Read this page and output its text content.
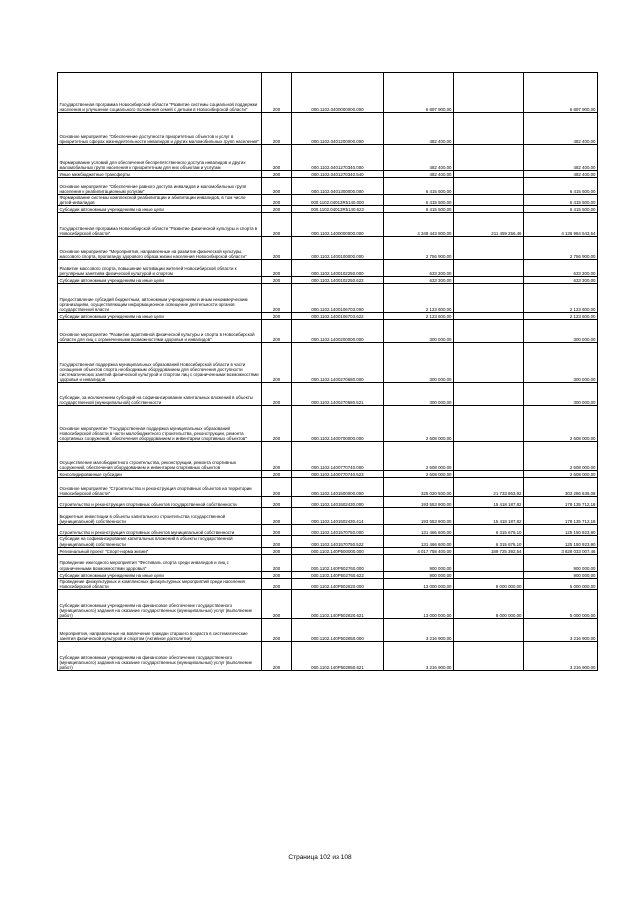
Государственная программа Новосибирской области "Развитие системы социальной поддержки населения и улучшение социального положения семей с детьми в Новосибирской области"	200	000.1102.0400000000.000	6 897 900,00		6 897 900,00
Основное мероприятие "Обеспечение доступности приоритетных объектов и услуг в приоритетных сферах жизнедеятельности инвалидов и других маломобильных групп населения"	200	000.1102.0401200000.000	482 400,00		482 400,00
Формирование условий для обеспечения беспрепятственного доступа инвалидов и других маломобильных групп населения к приоритетным для них объектам и услугам	200	000.1102.0401270340.000	482 400,00		482 400,00
Иные межбюджетные трансферты	200	000.1102.0401270340.540	482 400,00		482 400,00
Основное мероприятие "Обеспечение равного доступа инвалидов и маломобильных групп населения к реабилитационным услугам"	200	000.1102.0401300000.000	6 415 500,00		6 415 500,00
Формирование системы комплексной реабилитации и абилитации инвалидов, в том числе детей-инвалидов	200	000.1102.04013R5140.000	6 415 500,00		6 415 500,00
Субсидии автономным учреждениям на иные цели	200	000.1102.04013R5140.622	6 415 500,00		6 415 500,00
Государственная программа Новосибирской области "Развитие физической культуры и спорта в Новосибирской области"	200	000.1102.1400000000.000	4 348 443 800,00	211 459 256,46	4 136 984 543,54
Основное мероприятие "Мероприятия, направленные на развитие физической культуры, массового спорта, пропаганду здорового образа жизни населения Новосибирской области"	200	000.1102.1400100000.000	2 756 900,00		2 756 900,00
Развитие массового спорта, повышение мотивации жителей Новосибирской области к регулярным занятиям физической культурой и спортом	200	000.1102.1400102250.000	633 300,00		633 300,00
Субсидии автономным учреждениям на иные цели	200	000.1102.1400102250.622	633 300,00		633 300,00
Предоставление субсидий бюджетным, автономным учреждениям и иным некоммерческим организациям, осуществляющим информационное освещение деятельности органов государственной власти	200	000.1102.1400106703.000	2 123 600,00		2 123 600,00
Субсидии автономным учреждениям на иные цели	200	000.1102.1400106703.622	2 123 600,00		2 123 600,00
Основное мероприятие "Развитие адаптивной физической культуры и спорта в Новосибирской области для лиц с ограниченными возможностями здоровья и инвалидов"	200	000.1102.1400200000.000	300 000,00		300 000,00
Государственная поддержка муниципальных образований Новосибирской области в части оснащения объектов спорта необходимым оборудованием для обеспечения доступности систематических занятий физической культурой и спортом лиц с ограниченными возможностями здоровья и инвалидов	200	000.1102.1400270680.000	300 000,00		300 000,00
Субсидии, за исключением субсидий на софинансирование капитальных вложений в объекты государственной (муниципальной) собственности	200	000.1102.1400270680.521	300 000,00		300 000,00
Основное мероприятие "Государственная поддержка муниципальных образований Новосибирской области в части малобюджетного строительства, реконструкции, ремонта спортивных сооружений, обеспечения оборудованием и инвентарем спортивных объектов"	200	000.1102.1400700000.000	2 608 000,00		2 608 000,00
Осуществление малобюджетного строительства, реконструкции, ремонта спортивных сооружений, обеспечения оборудованием и инвентарем спортивных объектов	200	000.1102.1400770740.000	2 608 000,00		2 608 000,00
Консолидированные субсидии	200	000.1102.1400770740.523	2 608 000,00		2 608 000,00
Основное мероприятие "Строительство и реконструкция спортивных объектов на территории Новосибирской области"	200	000.1102.1401500000.000	325 020 500,00	21 733 863,92	303 286 636,08
Строительство и реконструкция спортивных объектов государственной собственности	200	000.1102.1401502430.000	193 553 900,00	15 418 187,82	178 135 712,18
Бюджетные инвестиции в объекты капитального строительства государственной (муниципальной) собственности	200	000.1102.1401502430.414	193 553 900,00	15 418 187,82	178 135 712,18
Строительство и реконструкция спортивных объектов муниципальной собственности	200	000.1102.1401570750.000	131 466 600,00	6 315 676,10	125 150 923,90
Субсидии на софинансирование капитальных вложений в объекты государственной (муниципальной) собственности	200	000.1102.1401570750.522	131 466 600,00	6 315 676,10	125 150 923,90
Региональный проект "Спорт-норма жизни"	200	000.1102.140P500000.000	4 017 758 400,00	189 725 392,54	3 828 033 007,46
Проведение ежегодного мероприятия "Фестиваль спорта среди инвалидов и лиц с ограниченными возможностями здоровья"	200	000.1102.140P502760.000	900 000,00		900 000,00
Субсидии автономным учреждениям на иные цели	200	000.1102.140P502760.622	900 000,00		900 000,00
Проведение физкультурных и комплексных физкультурных мероприятий среди населения Новосибирской области	200	000.1102.140P502820.000	13 000 000,00	8 000 000,00	5 000 000,00
Субсидии автономным учреждениям на финансовое обеспечение государственного (муниципального) задания на оказание государственных (муниципальных) услуг (выполнение работ)	200	000.1102.140P502820.621	13 000 000,00	8 000 000,00	5 000 000,00
Мероприятия, направленные на вовлечение граждан старшего возраста в систематические занятия физической культурой и спортом (Активное долголетие)	200	000.1102.140P502850.000	3 216 900,00		3 216 900,00
Субсидии автономным учреждениям на финансовое обеспечение государственного (муниципального) задания на оказание государственных (муниципальных) услуг (выполнение работ)	200	000.1102.140P502850.621	3 216 900,00		3 216 900,00
Страница 102 из 108
